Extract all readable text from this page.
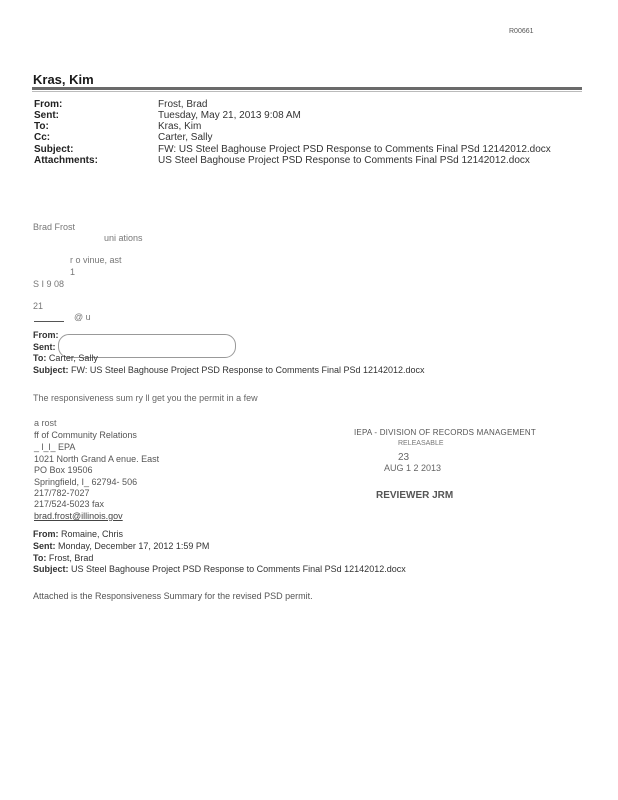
R00661
Kras, Kim
From:	Frost, Brad
Sent:	Tuesday, May 21, 2013 9:08 AM
To:	Kras, Kim
Cc:	Carter, Sally
Subject:	FW: US Steel Baghouse Project PSD Response to Comments Final PSd 12142012.docx
Attachments:	US Steel Baghouse Project PSD Response to Comments Final PSd 12142012.docx
Brad Frost
uni ations
r o vinue, ast
1
S I 9 08
21
@ u
From:
Sent:
To: Carter, Sally
Subject: FW: US Steel Baghouse Project PSD Response to Comments Final PSd 12142012.docx
The responsiveness sum ry ll get you the permit in a few
a rost
ff of Community Relations
_ l_l_ EPA
1021 North Grand A enue. East
PO Box 19506
Springfield, I_ 62794- 506
217/782-7027
217/524-5023 fax
brad.frost@illinois.gov
IEPA - DIVISION OF RECORDS MANAGEMENT
RELEASABLE
23
AUG 1 2 2013
REVIEWER JRM
From: Romaine, Chris
Sent: Monday, December 17, 2012 1:59 PM
To: Frost, Brad
Subject: US Steel Baghouse Project PSD Response to Comments Final PSd 12142012.docx
Attached is the Responsiveness Summary for the revised PSD permit.
